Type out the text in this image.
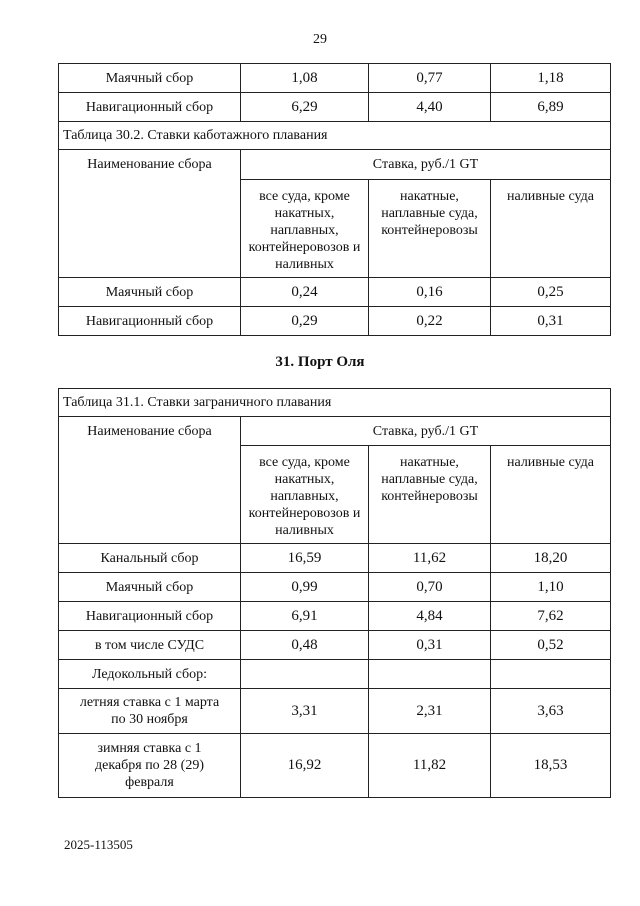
29
Маячный сбор	1,08	0,77	1,18
Навигационный сбор	6,29	4,40	6,89
Таблица 30.2. Ставки каботажного плавания			
Наименование сбора	Ставка, руб./1 GT		
	все суда, кроме накатных, наплавных, контейнеровозов и наливных	накатные, наплавные суда, контейнеровозы	наливные суда
Маячный сбор	0,24	0,16	0,25
Навигационный сбор	0,29	0,22	0,31
31. Порт Оля
Таблица 31.1. Ставки заграничного плавания			
Наименование сбора	Ставка, руб./1 GT		
	все суда, кроме накатных, наплавных, контейнеровозов и наливных	накатные, наплавные суда, контейнеровозы	наливные суда
Канальный сбор	16,59	11,62	18,20
Маячный сбор	0,99	0,70	1,10
Навигационный сбор	6,91	4,84	7,62
в том числе СУДС	0,48	0,31	0,52
Ледокольный сбор:			
летняя ставка с 1 марта по 30 ноября	3,31	2,31	3,63
зимняя ставка с 1 декабря по 28 (29) февраля	16,92	11,82	18,53
2025-113505
